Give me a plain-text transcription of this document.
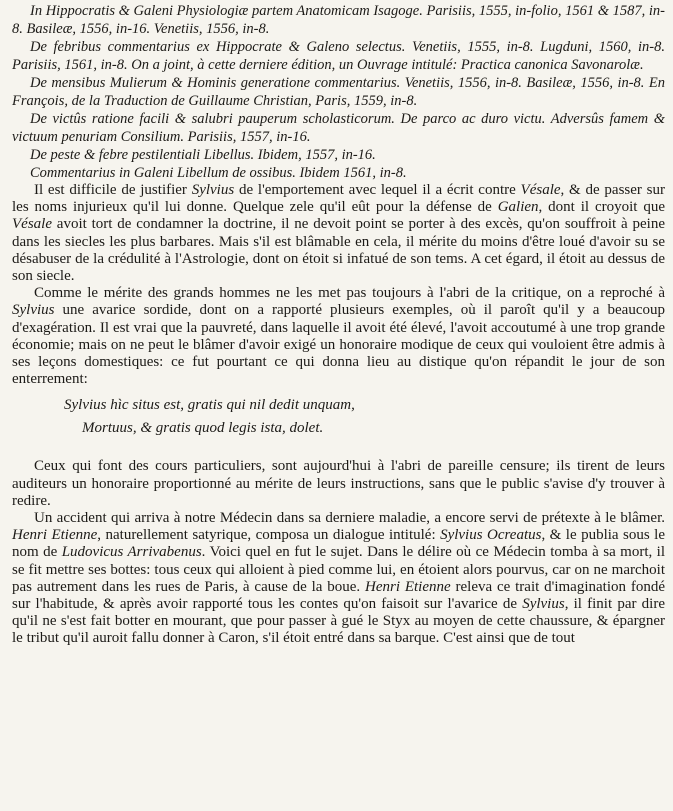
In Hippocratis & Galeni Physiologiæ partem Anatomicam Isagoge. Parisiis, 1555, in-folio, 1561 & 1587, in-8. Basileæ, 1556, in-16. Venetiis, 1556, in-8.

De febribus commentarius ex Hippocrate & Galeno selectus. Venetiis, 1555, in-8. Lugduni, 1560, in-8. Parisiis, 1561, in-8. On a joint, à cette derniere édition, un Ouvrage intitulé: Practica canonica Savonarolæ.

De mensibus Mulierum & Hominis generatione commentarius. Venetiis, 1556, in-8. Basileæ, 1556, in-8. En François, de la Traduction de Guillaume Christian, Paris, 1559, in-8.

De victûs ratione facili & salubri pauperum scholasticorum. De parco ac duro victu. Adversûs famem & victuum penuriam Consilium. Parisiis, 1557, in-16.

De peste & febre pestilentiali Libellus. Ibidem, 1557, in-16.

Commentarius in Galeni Libellum de ossibus. Ibidem 1561, in-8.

Il est difficile de justifier Sylvius de l'emportement avec lequel il a écrit contre Vésale, & de passer sur les noms injurieux qu'il lui donne. Quelque zele qu'il eût pour la défense de Galien, dont il croyoit que Vésale avoit tort de condamner la doctrine, il ne devoit point se porter à des excès, qu'on souffroit à peine dans les siecles les plus barbares. Mais s'il est blâmable en cela, il mérite du moins d'être loué d'avoir su se désabuser de la crédulité à l'Astrologie, dont on étoit si infatué de son tems. A cet égard, il étoit au dessus de son siecle.

Comme le mérite des grands hommes ne les met pas toujours à l'abri de la critique, on a reproché à Sylvius une avarice sordide, dont on a rapporté plusieurs exemples, où il paroît qu'il y a beaucoup d'exagération. Il est vrai que la pauvreté, dans laquelle il avoit été élevé, l'avoit accoutumé à une trop grande économie; mais on ne peut le blâmer d'avoir exigé un honoraire modique de ceux qui vouloient être admis à ses leçons domestiques: ce fut pourtant ce qui donna lieu au distique qu'on répandit le jour de son enterrement:

Sylvius hìc situs est, gratis qui nil dedit unquam,
Mortuus, & gratis quod legis ista, dolet.

Ceux qui font des cours particuliers, sont aujourd'hui à l'abri de pareille censure; ils tirent de leurs auditeurs un honoraire proportionné au mérite de leurs instructions, sans que le public s'avise d'y trouver à redire.

Un accident qui arriva à notre Médecin dans sa derniere maladie, a encore servi de prétexte à le blâmer. Henri Etienne, naturellement satyrique, composa un dialogue intitulé: Sylvius Ocreatus, & le publia sous le nom de Ludovicus Arrivabenus. Voici quel en fut le sujet. Dans le délire où ce Médecin tomba à sa mort, il se fit mettre ses bottes: tous ceux qui alloient à pied comme lui, en étoient alors pourvus, car on ne marchoit pas autrement dans les rues de Paris, à cause de la boue. Henri Etienne releva ce trait d'imagination fondé sur l'habitude, & après avoir rapporté tous les contes qu'on faisoit sur l'avarice de Sylvius, il finit par dire qu'il ne s'est fait botter en mourant, que pour passer à gué le Styx au moyen de cette chaussure, & épargner le tribut qu'il auroit fallu donner à Caron, s'il étoit entré dans sa barque. C'est ainsi que de tout
